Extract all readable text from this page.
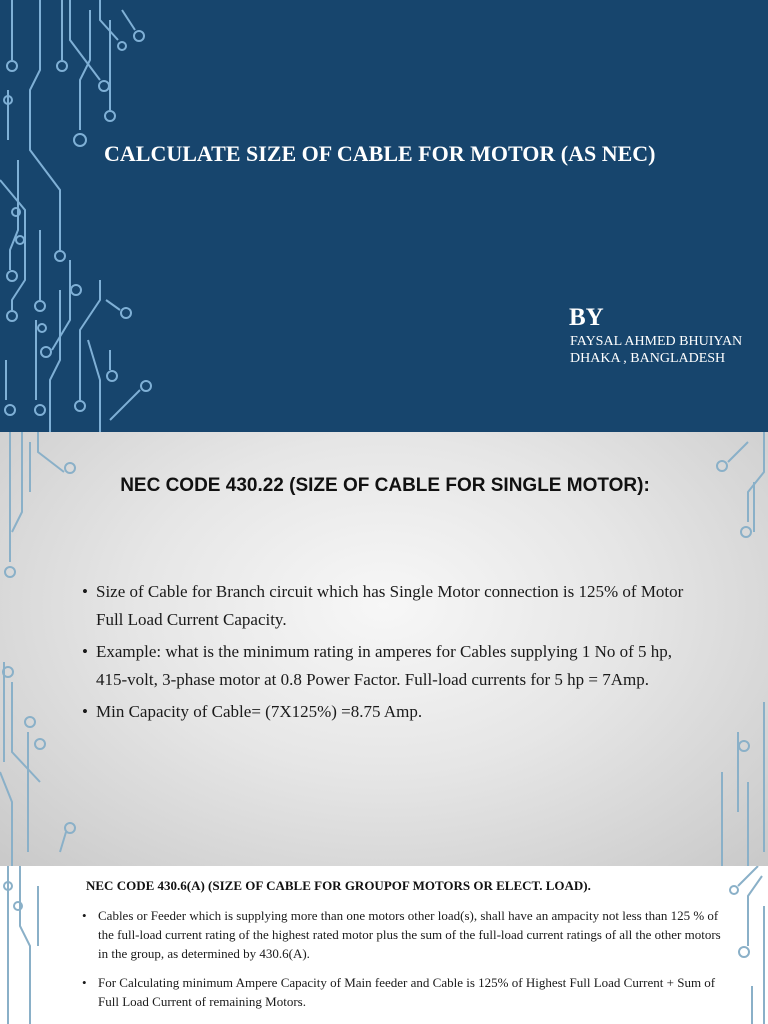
CALCULATE SIZE OF CABLE FOR MOTOR (AS NEC)
BY
FAYSAL AHMED BHUIYAN
DHAKA , BANGLADESH
NEC CODE 430.22 (SIZE OF CABLE FOR SINGLE MOTOR):
• Size of Cable for Branch circuit which has Single Motor connection is 125% of Motor Full Load Current Capacity.
• Example: what is the minimum rating in amperes for Cables supplying 1 No of 5 hp, 415-volt, 3-phase motor at 0.8 Power Factor. Full-load currents for 5 hp = 7Amp.
• Min Capacity of Cable= (7X125%) =8.75 Amp.
NEC CODE 430.6(A) (SIZE OF CABLE FOR GROUPOF MOTORS OR ELECT. LOAD).
• Cables or Feeder which is supplying more than one motors other load(s), shall have an ampacity not less than 125 % of the full-load current rating of the highest rated motor plus the sum of the full-load current ratings of all the other motors in the group, as determined by 430.6(A).
• For Calculating minimum Ampere Capacity of Main feeder and Cable is 125% of Highest Full Load Current + Sum of Full Load Current of remaining Motors.
